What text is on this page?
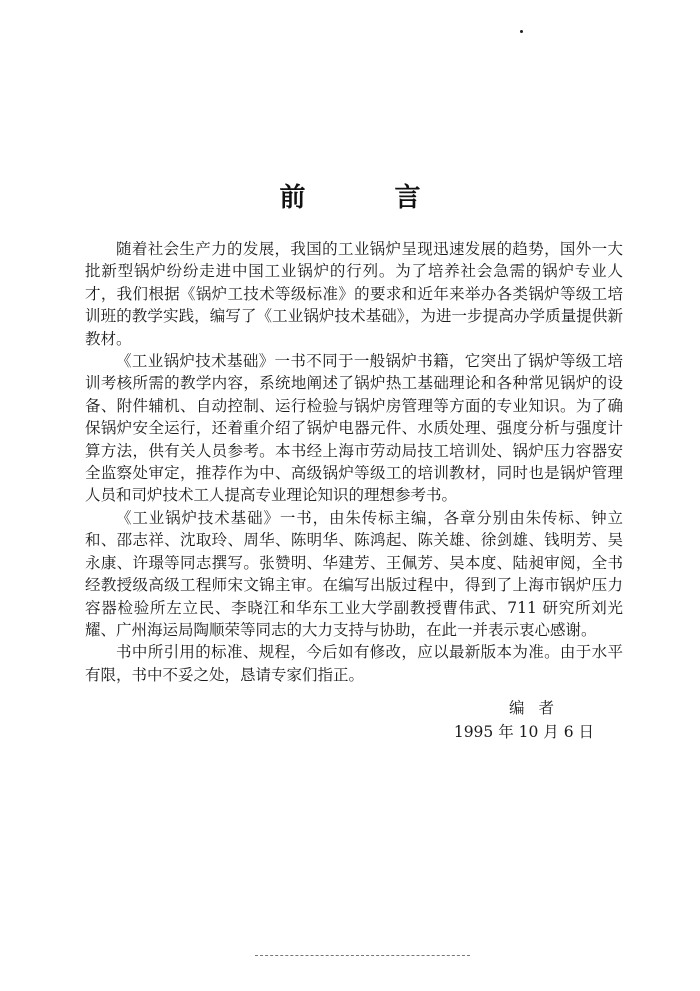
前 言

随着社会生产力的发展，我国的工业锅炉呈现迅速发展的趋势，国外一大批新型锅炉纷纷走进中国工业锅炉的行列。为了培养社会急需的锅炉专业人才，我们根据《锅炉工技术等级标准》的要求和近年来举办各类锅炉等级工培训班的教学实践，编写了《工业锅炉技术基础》，为进一步提高办学质量提供新教材。

《工业锅炉技术基础》一书不同于一般锅炉书籍，它突出了锅炉等级工培训考核所需的教学内容，系统地阐述了锅炉热工基础理论和各种常见锅炉的设备、附件辅机、自动控制、运行检验与锅炉房管理等方面的专业知识。为了确保锅炉安全运行，还着重介绍了锅炉电器元件、水质处理、强度分析与强度计算方法，供有关人员参考。本书经上海市劳动局技工培训处、锅炉压力容器安全监察处审定，推荐作为中、高级锅炉等级工的培训教材，同时也是锅炉管理人员和司炉技术工人提高专业理论知识的理想参考书。

《工业锅炉技术基础》一书，由朱传标主编，各章分别由朱传标、钟立和、邵志祥、沈取玲、周华、陈明华、陈鸿起、陈关雄、徐剑雄、钱明芳、吴永康、许璟等同志撰写。张赞明、华建芳、王佩芳、吴本度、陆昶审阅，全书经教授级高级工程师宋文锦主审。在编写出版过程中，得到了上海市锅炉压力容器检验所左立民、李晓江和华东工业大学副教授曹伟武、711 研究所刘光耀、广州海运局陶顺荣等同志的大力支持与协助，在此一并表示衷心感谢。

书中所引用的标准、规程，今后如有修改，应以最新版本为准。由于水平有限，书中不妥之处，恳请专家们指正。

编者
1995 年 10 月 6 日
